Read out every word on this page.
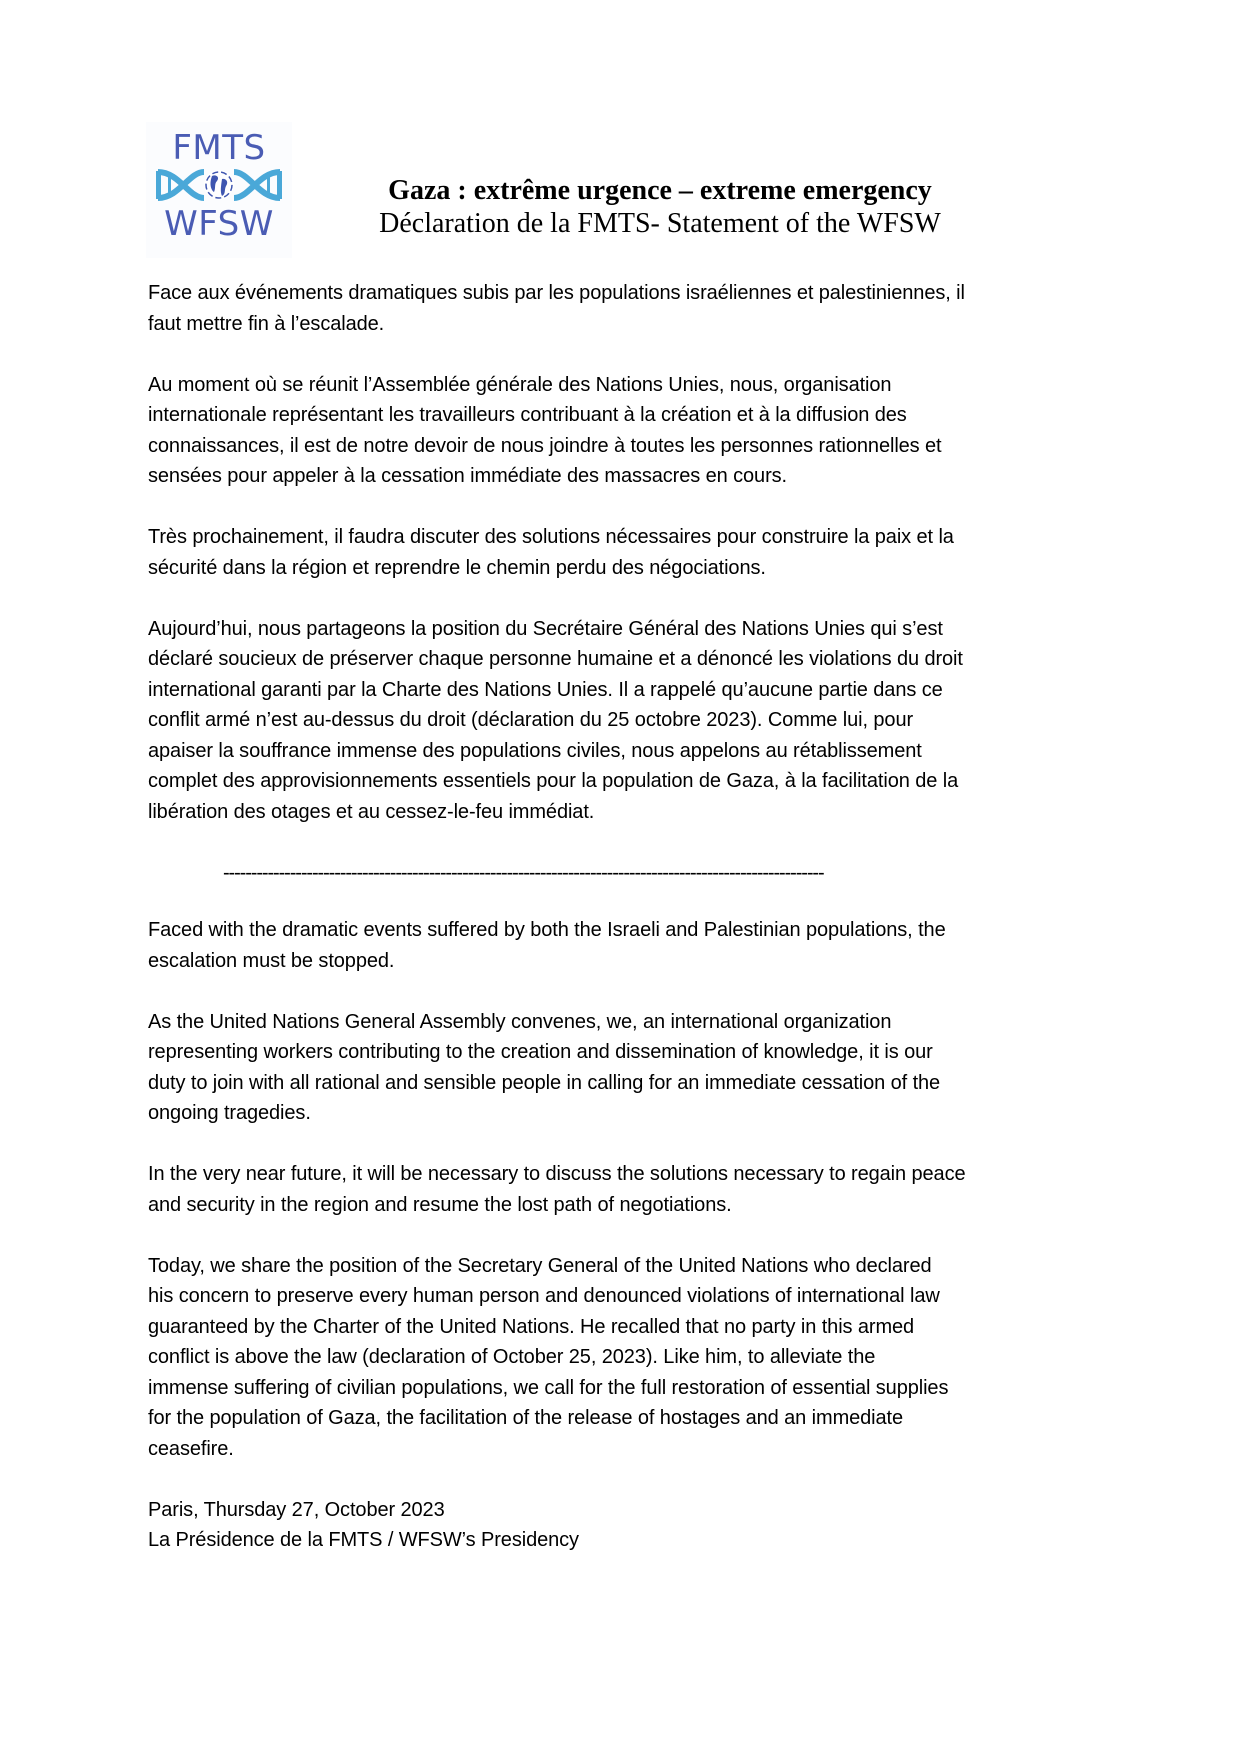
FMTS
WFSW
Gaza : extrême urgence – extreme emergency
Déclaration de la FMTS- Statement of the WFSW
Face aux événements dramatiques subis par les populations israéliennes et palestiniennes, il
faut mettre fin à l’escalade.
Au moment où se réunit l’Assemblée générale des Nations Unies, nous, organisation
internationale représentant les travailleurs contribuant à la création et à la diffusion des
connaissances, il est de notre devoir de nous joindre à toutes les personnes rationnelles et
sensées pour appeler à la cessation immédiate des massacres en cours.
Très prochainement, il faudra discuter des solutions nécessaires pour construire la paix et la
sécurité dans la région et reprendre le chemin perdu des négociations.
Aujourd’hui, nous partageons la position du Secrétaire Général des Nations Unies qui s’est
déclaré soucieux de préserver chaque personne humaine et a dénoncé les violations du droit
international garanti par la Charte des Nations Unies. Il a rappelé qu’aucune partie dans ce
conflit armé n’est au-dessus du droit (déclaration du 25 octobre 2023). Comme lui, pour
apaiser la souffrance immense des populations civiles, nous appelons au rétablissement
complet des approvisionnements essentiels pour la population de Gaza, à la facilitation de la
libération des otages et au cessez-le-feu immédiat.
------------------------------------------------------------------------------------------------------------
Faced with the dramatic events suffered by both the Israeli and Palestinian populations, the
escalation must be stopped.
As the United Nations General Assembly convenes, we, an international organization
representing workers contributing to the creation and dissemination of knowledge, it is our
duty to join with all rational and sensible people in calling for an immediate cessation of the
ongoing tragedies.
In the very near future, it will be necessary to discuss the solutions necessary to regain peace
and security in the region and resume the lost path of negotiations.
Today, we share the position of the Secretary General of the United Nations who declared
his concern to preserve every human person and denounced violations of international law
guaranteed by the Charter of the United Nations. He recalled that no party in this armed
conflict is above the law (declaration of October 25, 2023). Like him, to alleviate the
immense suffering of civilian populations, we call for the full restoration of essential supplies
for the population of Gaza, the facilitation of the release of hostages and an immediate
ceasefire.
Paris, Thursday 27, October 2023
La Présidence de la FMTS / WFSW’s Presidency
